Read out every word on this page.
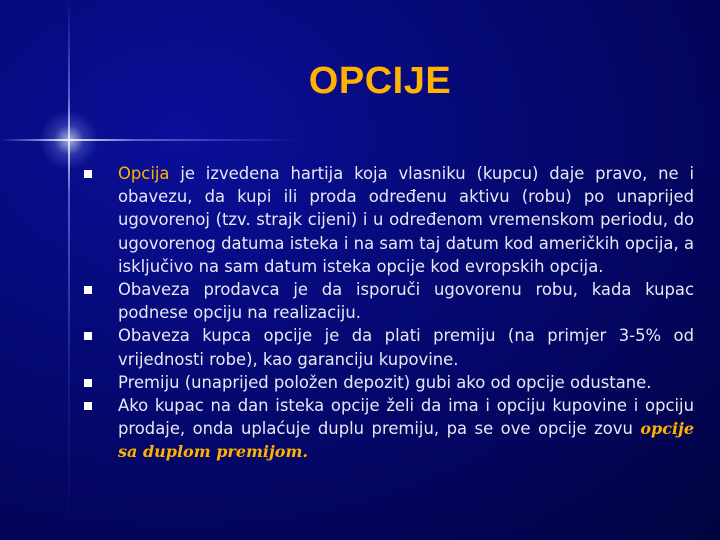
OPCIJE
Opcija je izvedena hartija koja vlasniku (kupcu) daje pravo, ne i obavezu, da kupi ili proda određenu aktivu (robu) po unaprijed ugovorenoj (tzv. strajk cijeni) i u određenom vremenskom periodu, do ugovorenog datuma isteka i na sam taj datum kod američkih opcija, a isključivo na sam datum isteka opcije kod evropskih opcija.
Obaveza prodavca je da isporuči ugovorenu robu, kada kupac podnese opciju na realizaciju.
Obaveza kupca opcije je da plati premiju (na primjer 3-5% od vrijednosti robe), kao garanciju kupovine.
Premiju (unaprijed položen depozit) gubi ako od opcije odustane.
Ako kupac na dan isteka opcije želi da ima i opciju kupovine i opciju prodaje, onda uplaćuje duplu premiju, pa se ove opcije zovu opcije sa duplom premijom.
